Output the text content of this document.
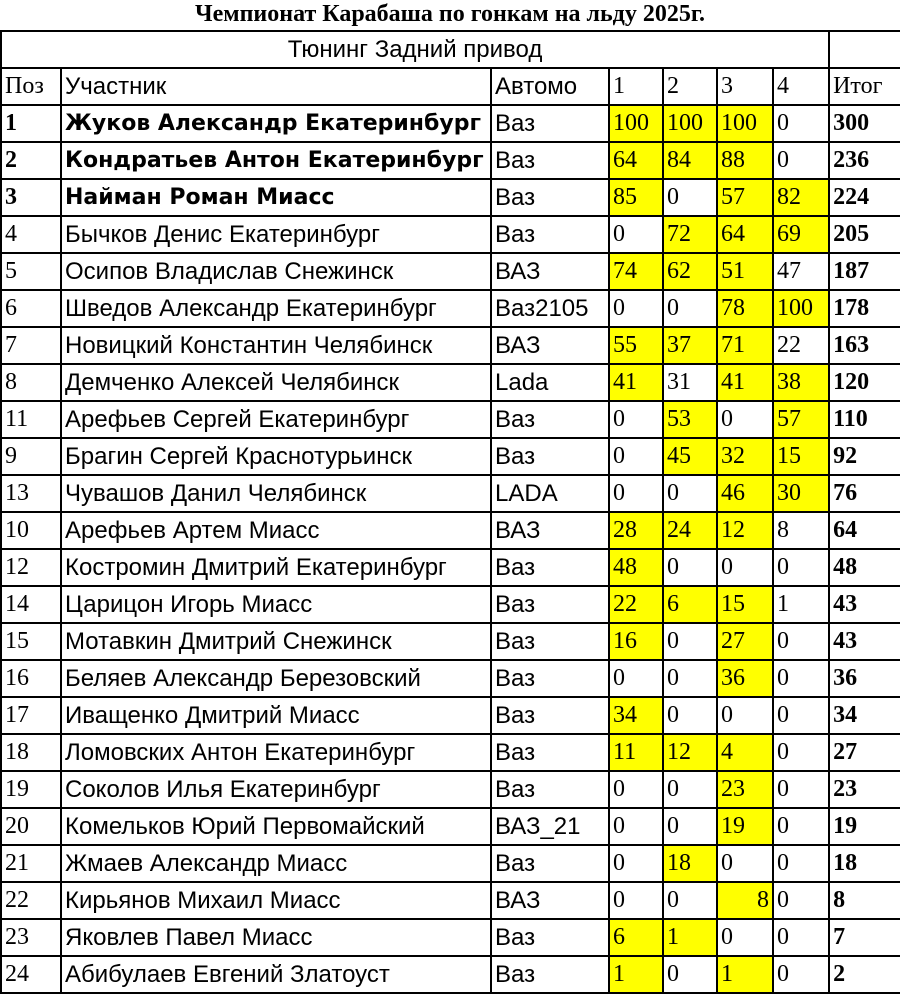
Чемпионат Карабаша по гонкам на льду 2025г.
Тюнинг Задний привод							
Поз	Участник	Автомо	1	2	3	4	Итог
1	Жуков Александр Екатеринбург	Ваз	100	100	100	0	300
2	Кондратьев Антон Екатеринбург	Ваз	64	84	88	0	236
3	Найман Роман Миасс	Ваз	85	0	57	82	224
4	Бычков Денис Екатеринбург	Ваз	0	72	64	69	205
5	Осипов Владислав Снежинск	ВАЗ	74	62	51	47	187
6	Шведов Александр Екатеринбург	Ваз2105	0	0	78	100	178
7	Новицкий Константин Челябинск	ВАЗ	55	37	71	22	163
8	Демченко Алексей Челябинск	Lada	41	31	41	38	120
11	Арефьев Сергей Екатеринбург	Ваз	0	53	0	57	110
9	Брагин Сергей Краснотурьинск	Ваз	0	45	32	15	92
13	Чувашов Данил Челябинск	LADA	0	0	46	30	76
10	Арефьев Артем Миасс	ВАЗ	28	24	12	8	64
12	Костромин Дмитрий Екатеринбург	Ваз	48	0	0	0	48
14	Царицон Игорь Миасс	Ваз	22	6	15	1	43
15	Мотавкин Дмитрий Снежинск	Ваз	16	0	27	0	43
16	Беляев Александр Березовский	Ваз	0	0	36	0	36
17	Иващенко Дмитрий Миасс	Ваз	34	0	0	0	34
18	Ломовских Антон Екатеринбург	Ваз	11	12	4	0	27
19	Соколов Илья Екатеринбург	Ваз	0	0	23	0	23
20	Комельков Юрий Первомайский	ВАЗ_21	0	0	19	0	19
21	Жмаев Александр Миасс	Ваз	0	18	0	0	18
22	Кирьянов Михаил Миасс	ВАЗ	0	0	8	0	8
23	Яковлев Павел Миасс	Ваз	6	1	0	0	7
24	Абибулаев Евгений Златоуст	Ваз	1	0	1	0	2
